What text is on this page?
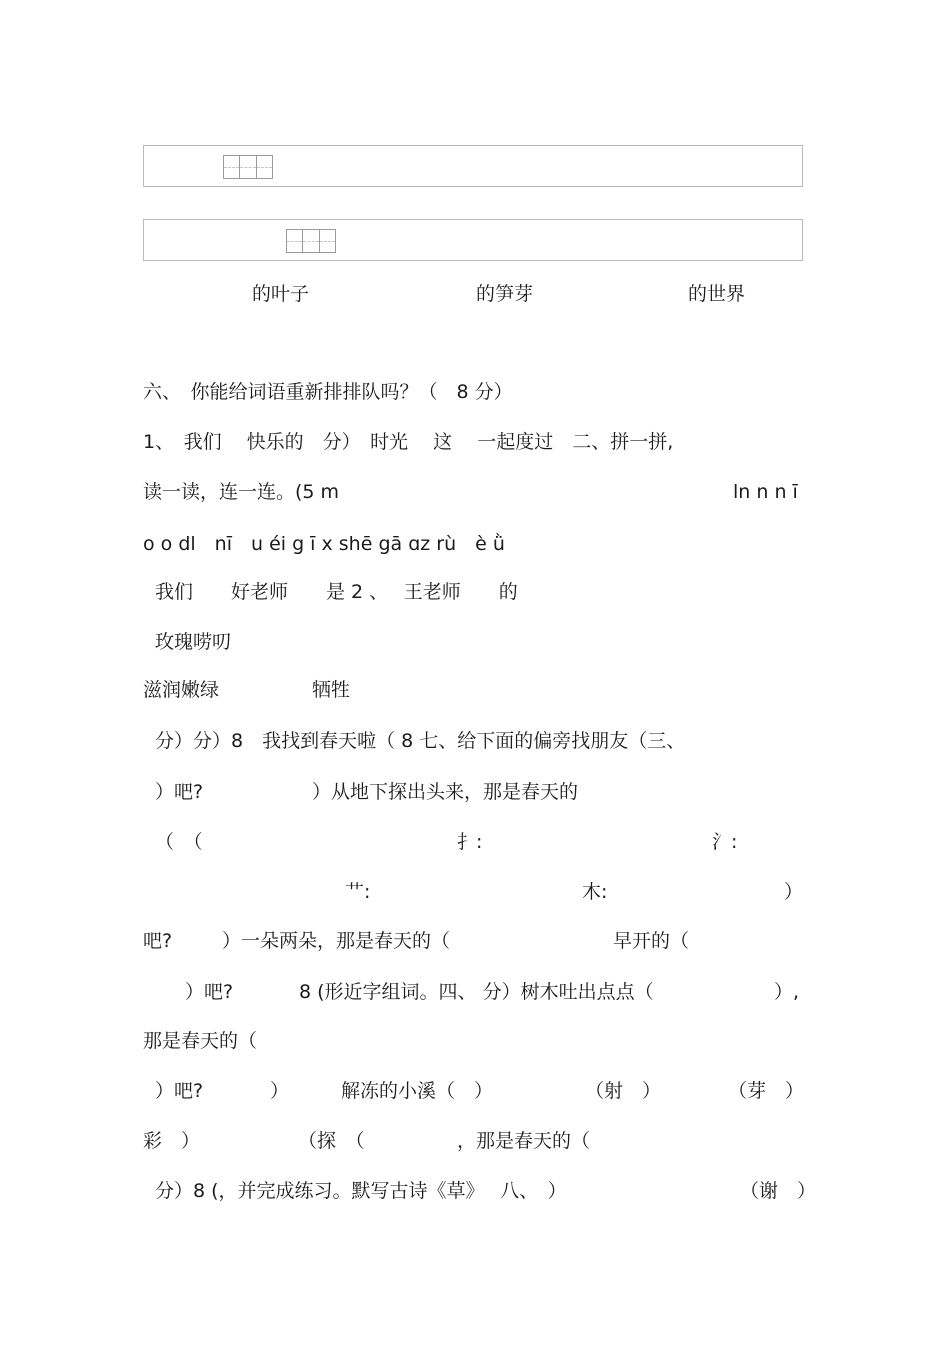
的叶子	的笋芽	的世界
六、　你能给词语重新排排队吗？（　8 分）
1、　我们　 快乐的　分）　时光　 这　 一起度过　二、拼一拼,
读一读，连一连。(5 m	ln n n ī
o o dl　nī　u éi g ī x shē gā ɑz rù　è ǜ
我们　　好老师　　是 2 、　 王老师　　的
玫瑰唠叨
滋润嫩绿	牺牲
分）分）8　我找到春天啦（ 8 七、给下面的偏旁找朋友（三、
）吧?	）从地下探出头来，那是春天的
（　（	扌:	氵:
艹:	木:	）
吧?	）一朵两朵，那是春天的（	早开的（
）吧?	8 (形近字组词。四、 分）树木吐出点点（	）,
那是春天的（
）吧?	）	解冻的小溪（　）	（射　）	（芽　）
彩　）	（探　（	，那是春天的（
分）8 (，并完成练习。默写古诗《草》　 八、　）	（谢　）
